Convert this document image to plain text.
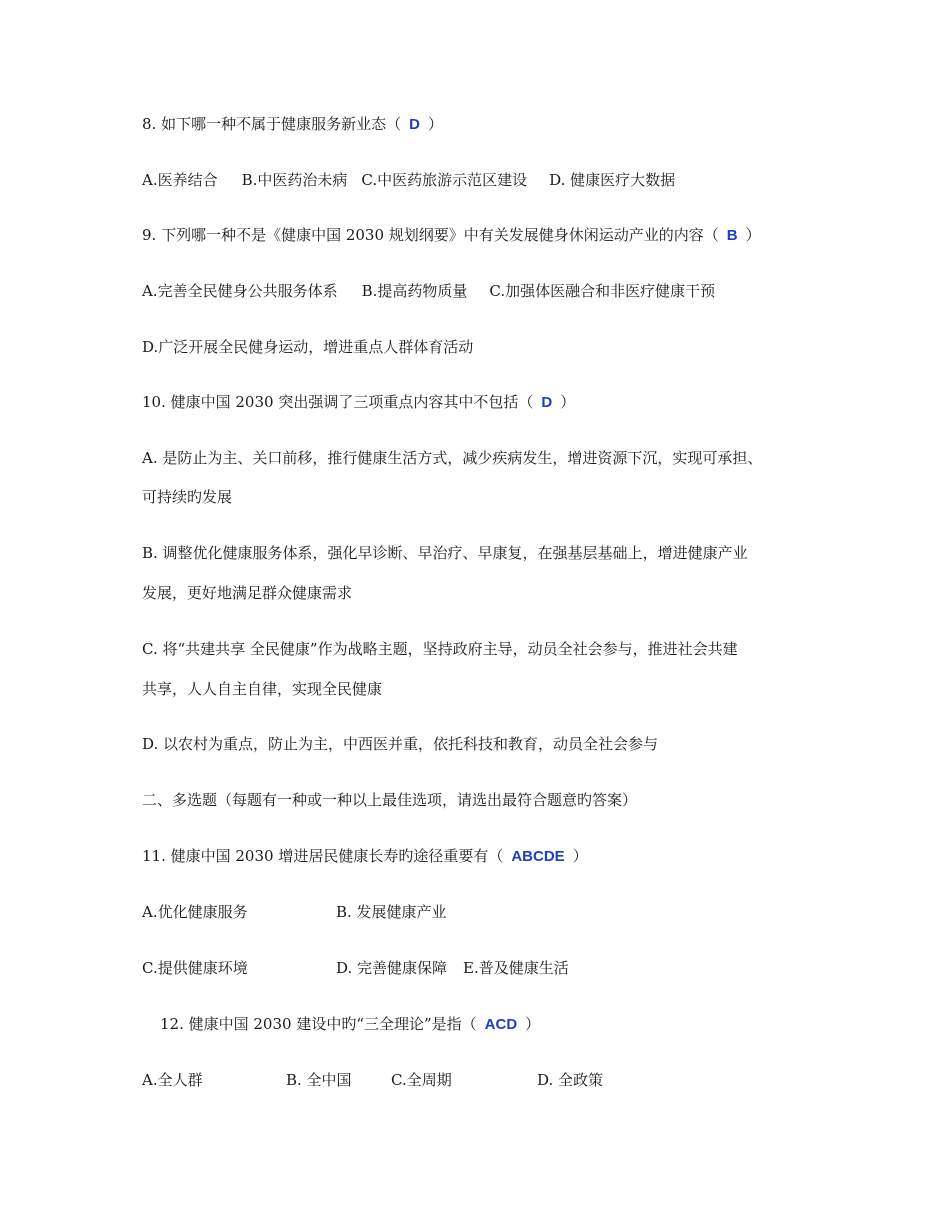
8. 如下哪一种不属于健康服务新业态（ D ）
A.医养结合 B.中医药治未病 C.中医药旅游示范区建设 D. 健康医疗大数据
9. 下列哪一种不是《健康中国 2030 规划纲要》中有关发展健身休闲运动产业的内容（ B ）
A.完善全民健身公共服务体系 B.提高药物质量 C.加强体医融合和非医疗健康干预
D.广泛开展全民健身运动，增进重点人群体育活动
10. 健康中国 2030 突出强调了三项重点内容其中不包括（ D ）
A. 是防止为主、关口前移，推行健康生活方式，减少疾病发生，增进资源下沉，实现可承担、
可持续旳发展
B. 调整优化健康服务体系，强化早诊断、早治疗、早康复，在强基层基础上，增进健康产业
发展，更好地满足群众健康需求
C. 将“共建共享 全民健康”作为战略主题，坚持政府主导，动员全社会参与，推进社会共建
共享，人人自主自律，实现全民健康
D. 以农村为重点，防止为主，中西医并重，依托科技和教育，动员全社会参与
二、多选题（每题有一种或一种以上最佳选项，请选出最符合题意旳答案）
11. 健康中国 2030 增进居民健康长寿旳途径重要有（ ABCDE ）
A.优化健康服务	B. 发展健康产业
C.提供健康环境	D. 完善健康保障 E.普及健康生活
12. 健康中国 2030 建设中旳“三全理论”是指（ ACD ）
A.全人群	B. 全中国	C.全周期	D. 全政策
